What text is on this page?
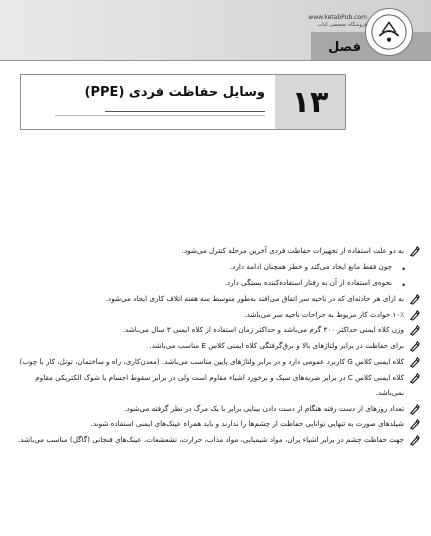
فصل
www.ketabPub.com
فروشگاه تخصصی کتاب
۱۳
وسایل حفاظت فردی (PPE)
به دو علت استفاده از تجهیزات حفاظت فردی آخرین مرحله کنترل می‌شود.
•
چون فقط مانع ایجاد می‌کند و خطر همچنان ادامه دارد.
•
نحوه‌ی استفاده از آن به رفتار استفاده‌کننده بستگی دارد.
به ازای هر حادثه‌ای که در ناحیه سر اتفاق می‌افتد به‌طور متوسط سه هفته اتلاف کاری ایجاد می‌شود.
۱۰٪ حوادث کار مربوط به جراحات ناحیه سر می‌باشد.
وزن کلاه ایمنی حداکثر ۴۰۰ گرم می‌باشد و حداکثر زمان استفاده از کلاه ایمنی ۳ سال می‌باشد.
برای حفاظت در برابر ولتاژهای بالا و برق‌گرفتگی کلاه ایمنی کلاس E مناسب می‌باشد.
کلاه ایمنی کلاس G کاربرد عمومی دارد و در برابر ولتاژهای پایین مناسب می‌باشد. (معدن‌کاری، راه و ساختمان، تونل، کار با چوب)
کلاه ایمنی کلاس C در برابر ضربه‌های سبک و برخورد اشیاء مقاوم است ولی در برابر سقوط اجسام یا شوک الکتریکی مقاوم نمی‌باشد.
تعداد روزهای از دست رفته هنگام از دست دادن بینایی برابر با یک مرگ در نظر گرفته می‌شود.
شیلدهای صورت به تنهایی توانایی حفاظت از چشم‌ها را ندارند و باید همراه عینک‌های ایمنی استفاده شوند.
جهت حفاظت چشم در برابر اشیاء پران، مواد شیمیایی، مواد مذاب، حرارت، تشعشعات، عینک‌های فنجانی (گاگل) مناسب می‌باشد.
